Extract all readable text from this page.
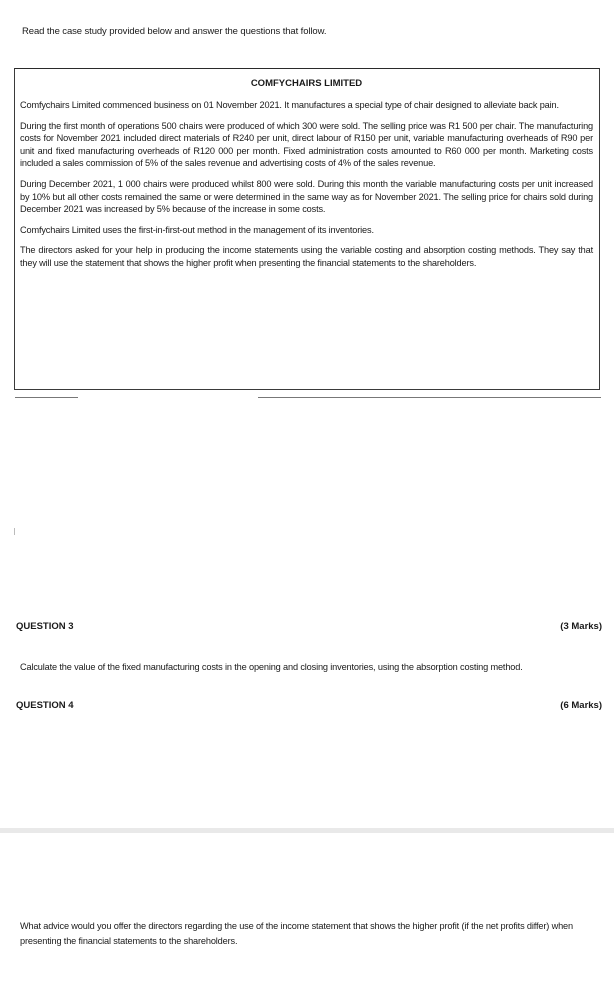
Read the case study provided below and answer the questions that follow.
COMFYCHAIRS LIMITED

Comfychairs Limited commenced business on 01 November 2021. It manufactures a special type of chair designed to alleviate back pain.

During the first month of operations 500 chairs were produced of which 300 were sold. The selling price was R1 500 per chair. The manufacturing costs for November 2021 included direct materials of R240 per unit, direct labour of R150 per unit, variable manufacturing overheads of R90 per unit and fixed manufacturing overheads of R120 000 per month. Fixed administration costs amounted to R60 000 per month. Marketing costs included a sales commission of 5% of the sales revenue and advertising costs of 4% of the sales revenue.

During December 2021, 1 000 chairs were produced whilst 800 were sold. During this month the variable manufacturing costs per unit increased by 10% but all other costs remained the same or were determined in the same way as for November 2021. The selling price for chairs sold during December 2021 was increased by 5% because of the increase in some costs.

Comfychairs Limited uses the first-in-first-out method in the management of its inventories.

The directors asked for your help in producing the income statements using the variable costing and absorption costing methods. They say that they will use the statement that shows the higher profit when presenting the financial statements to the shareholders.

QUESTION 3	(3 Marks)
Calculate the value of the fixed manufacturing costs in the opening and closing inventories, using the absorption costing method.
QUESTION 4	(6 Marks)
What advice would you offer the directors regarding the use of the income statement that shows the higher profit (if the net profits differ) when presenting the financial statements to the shareholders.
